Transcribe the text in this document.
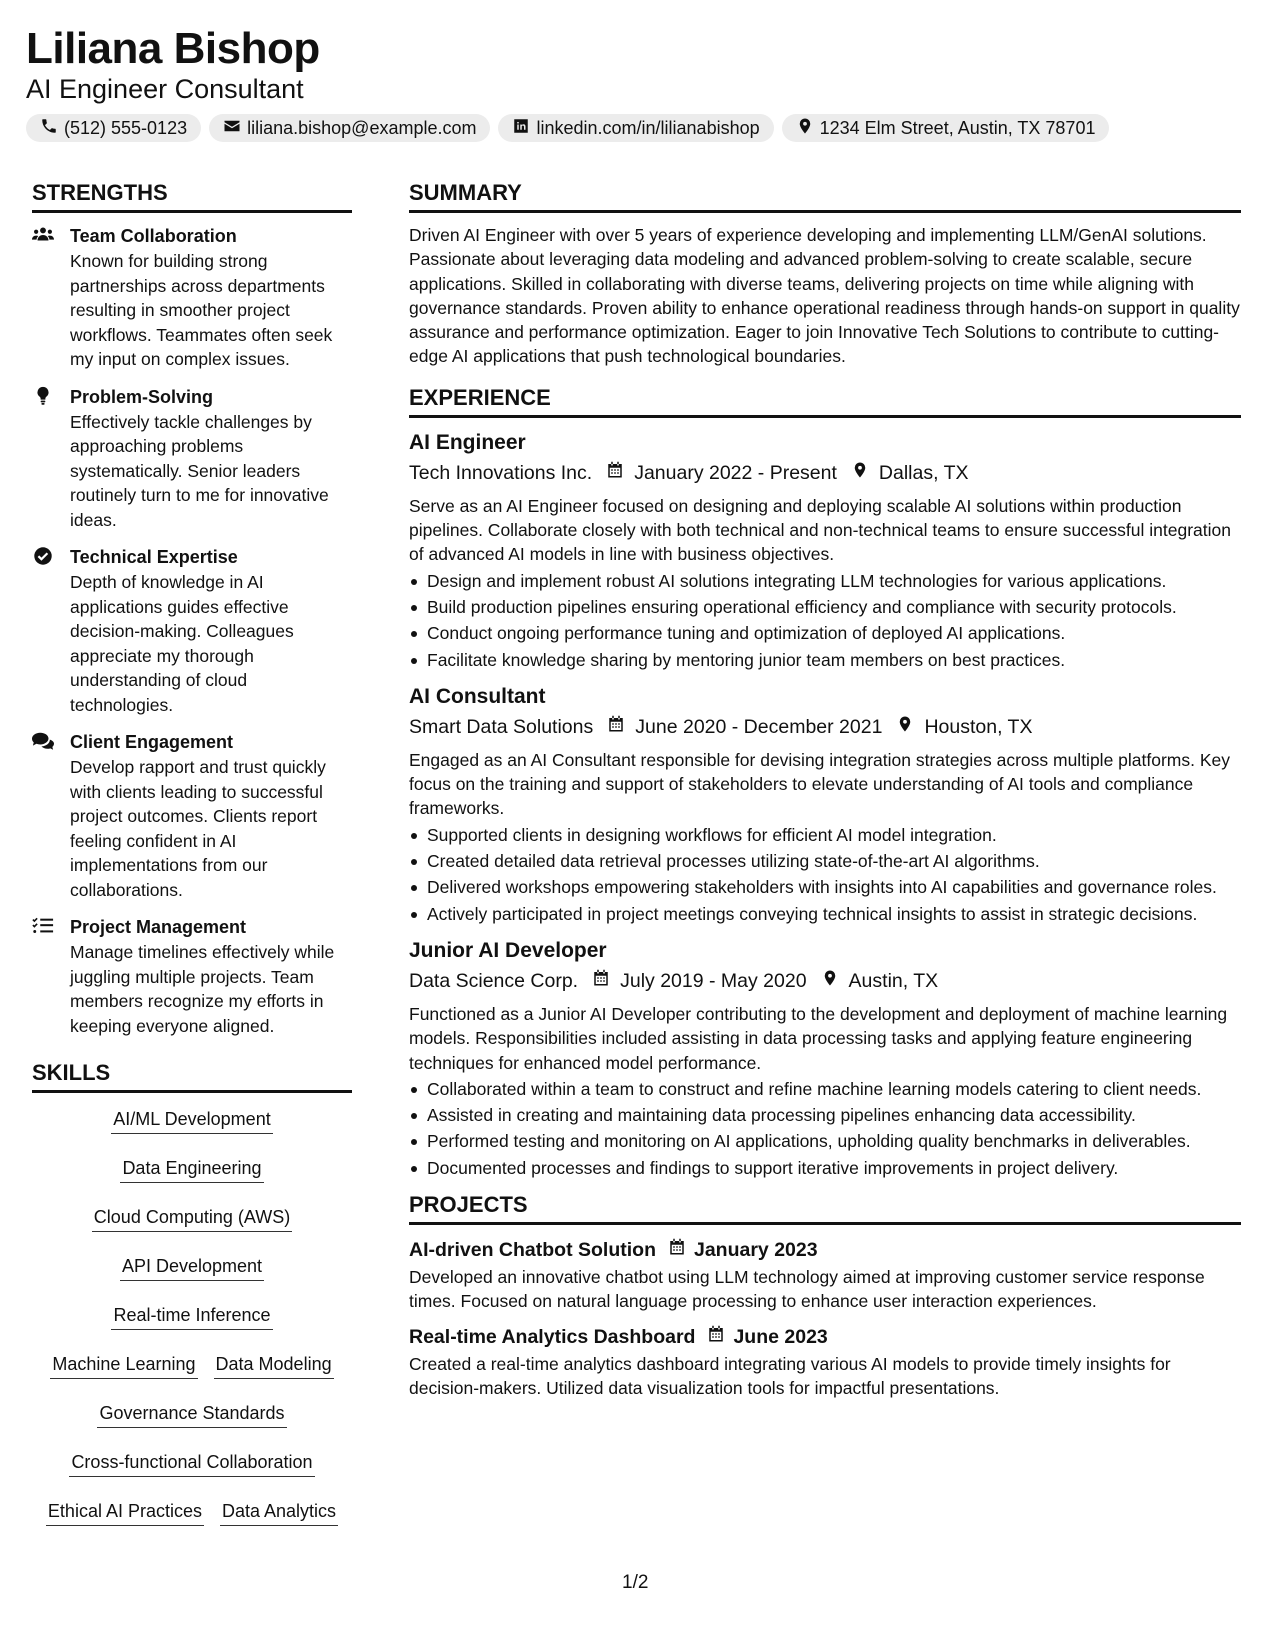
Liliana Bishop
AI Engineer Consultant
(512) 555-0123	liliana.bishop@example.com	linkedin.com/in/lilianabishop	1234 Elm Street, Austin, TX 78701
STRENGTHS
Team Collaboration
Known for building strong partnerships across departments resulting in smoother project workflows. Teammates often seek my input on complex issues.
Problem-Solving
Effectively tackle challenges by approaching problems systematically. Senior leaders routinely turn to me for innovative ideas.
Technical Expertise
Depth of knowledge in AI applications guides effective decision-making. Colleagues appreciate my thorough understanding of cloud technologies.
Client Engagement
Develop rapport and trust quickly with clients leading to successful project outcomes. Clients report feeling confident in AI implementations from our collaborations.
Project Management
Manage timelines effectively while juggling multiple projects. Team members recognize my efforts in keeping everyone aligned.
SKILLS
AI/ML Development
Data Engineering
Cloud Computing (AWS)
API Development
Real-time Inference
Machine Learning Data Modeling
Governance Standards
Cross-functional Collaboration
Ethical AI Practices Data Analytics
SUMMARY
Driven AI Engineer with over 5 years of experience developing and implementing LLM/GenAI solutions. Passionate about leveraging data modeling and advanced problem-solving to create scalable, secure applications. Skilled in collaborating with diverse teams, delivering projects on time while aligning with governance standards. Proven ability to enhance operational readiness through hands-on support in quality assurance and performance optimization. Eager to join Innovative Tech Solutions to contribute to cutting-edge AI applications that push technological boundaries.
EXPERIENCE
AI Engineer
Tech Innovations Inc. January 2022 - Present Dallas, TX
Serve as an AI Engineer focused on designing and deploying scalable AI solutions within production pipelines. Collaborate closely with both technical and non-technical teams to ensure successful integration of advanced AI models in line with business objectives.
Design and implement robust AI solutions integrating LLM technologies for various applications.
Build production pipelines ensuring operational efficiency and compliance with security protocols.
Conduct ongoing performance tuning and optimization of deployed AI applications.
Facilitate knowledge sharing by mentoring junior team members on best practices.
AI Consultant
Smart Data Solutions June 2020 - December 2021 Houston, TX
Engaged as an AI Consultant responsible for devising integration strategies across multiple platforms. Key focus on the training and support of stakeholders to elevate understanding of AI tools and compliance frameworks.
Supported clients in designing workflows for efficient AI model integration.
Created detailed data retrieval processes utilizing state-of-the-art AI algorithms.
Delivered workshops empowering stakeholders with insights into AI capabilities and governance roles.
Actively participated in project meetings conveying technical insights to assist in strategic decisions.
Junior AI Developer
Data Science Corp. July 2019 - May 2020 Austin, TX
Functioned as a Junior AI Developer contributing to the development and deployment of machine learning models. Responsibilities included assisting in data processing tasks and applying feature engineering techniques for enhanced model performance.
Collaborated within a team to construct and refine machine learning models catering to client needs.
Assisted in creating and maintaining data processing pipelines enhancing data accessibility.
Performed testing and monitoring on AI applications, upholding quality benchmarks in deliverables.
Documented processes and findings to support iterative improvements in project delivery.
PROJECTS
AI-driven Chatbot Solution January 2023
Developed an innovative chatbot using LLM technology aimed at improving customer service response times. Focused on natural language processing to enhance user interaction experiences.
Real-time Analytics Dashboard June 2023
Created a real-time analytics dashboard integrating various AI models to provide timely insights for decision-makers. Utilized data visualization tools for impactful presentations.
1/2
